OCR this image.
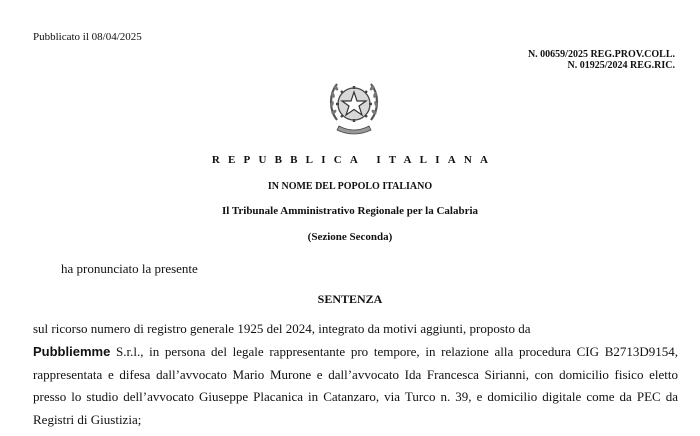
Pubblicato il 08/04/2025
N. 00659/2025 REG.PROV.COLL.
N. 01925/2024 REG.RIC.
REPUBBLICA ITALIANA
IN NOME DEL POPOLO ITALIANO
Il Tribunale Amministrativo Regionale per la Calabria
(Sezione Seconda)
ha pronunciato la presente
SENTENZA
sul ricorso numero di registro generale 1925 del 2024, integrato da motivi aggiunti, proposto da
Pubbliemme S.r.l., in persona del legale rappresentante pro tempore, in relazione alla procedura CIG B2713D9154,
rappresentata e difesa dall’avvocato Mario Murone e dall’avvocato Ida Francesca Sirianni, con domicilio fisico eletto
presso lo studio dell’avvocato Giuseppe Placanica in Catanzaro, via Turco n. 39, e domicilio digitale come da PEC da
Registri di Giustizia;
